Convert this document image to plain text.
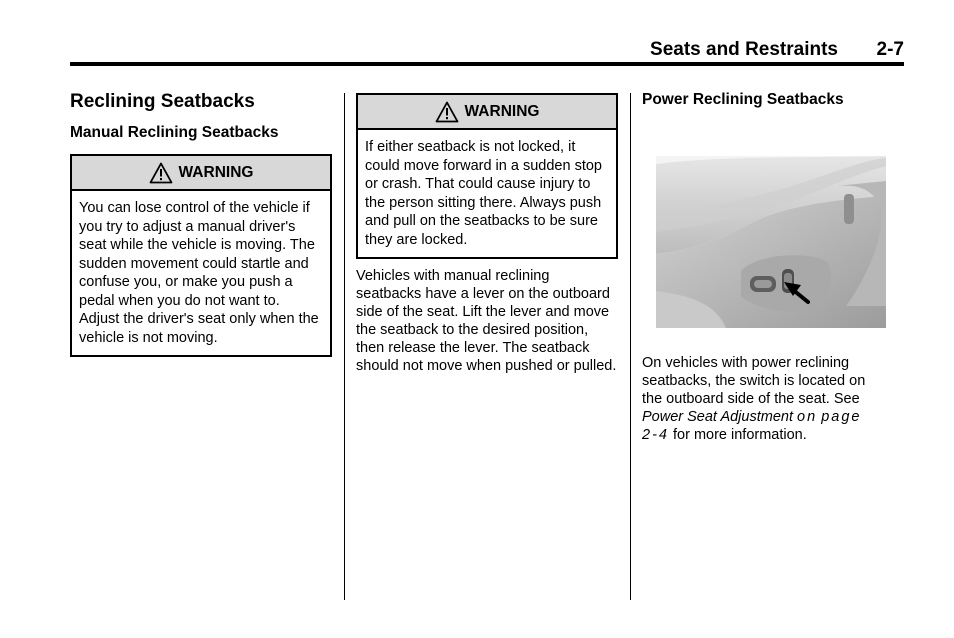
Seats and Restraints 2-7
Reclining Seatbacks
Manual Reclining Seatbacks
WARNING
You can lose control of the vehicle if you try to adjust a manual driver's seat while the vehicle is moving. The sudden movement could startle and confuse you, or make you push a pedal when you do not want to. Adjust the driver's seat only when the vehicle is not moving.
WARNING
If either seatback is not locked, it could move forward in a sudden stop or crash. That could cause injury to the person sitting there. Always push and pull on the seatbacks to be sure they are locked.

Vehicles with manual reclining seatbacks have a lever on the outboard side of the seat. Lift the lever and move the seatback to the desired position, then release the lever. The seatback should not move when pushed or pulled.

Power Reclining Seatbacks

On vehicles with power reclining seatbacks, the switch is located on the outboard side of the seat. See Power Seat Adjustment on page 2-4 for more information.
